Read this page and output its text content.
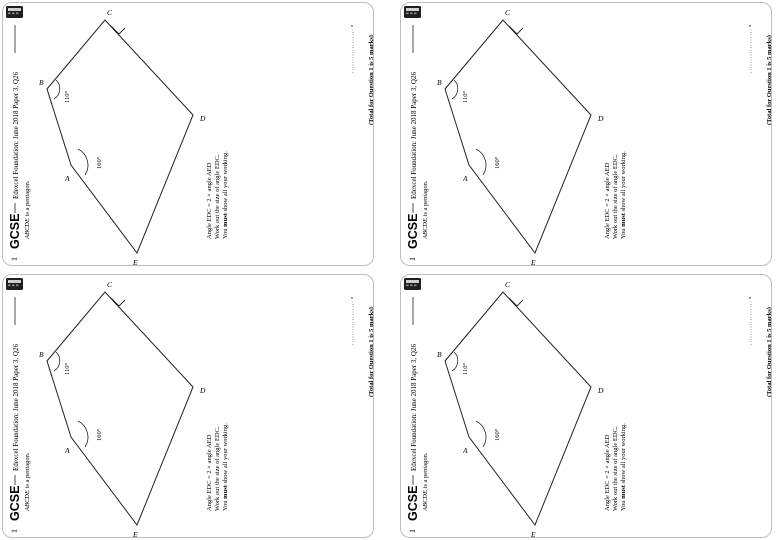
1
GCSE
Edexcel Foundation: June 2018 Paper 3, Q26
ABCDE is a pentagon.	Angle EDC = 2 × angle AED Work out the size of angle EDC. You must show all your working.
°
(Total for Question 1 is 5 marks)
B
C
D
E
A
110°
160°
1
GCSE
Edexcel Foundation: June 2018 Paper 3, Q26
ABCDE is a pentagon.	Angle EDC = 2 × angle AED Work out the size of angle EDC. You must show all your working.
°
(Total for Question 1 is 5 marks)
B
C
D
E
A
110°
160°
1
GCSE
Edexcel Foundation: June 2018 Paper 3, Q26
ABCDE is a pentagon.	Angle EDC = 2 × angle AED Work out the size of angle EDC. You must show all your working.
°
(Total for Question 1 is 5 marks)
B
C
D
E
A
110°
160°
1
GCSE
Edexcel Foundation: June 2018 Paper 3, Q26
ABCDE is a pentagon.	Angle EDC = 2 × angle AED Work out the size of angle EDC. You must show all your working.
°
(Total for Question 1 is 5 marks)
B
C
D
E
A
110°
160°
